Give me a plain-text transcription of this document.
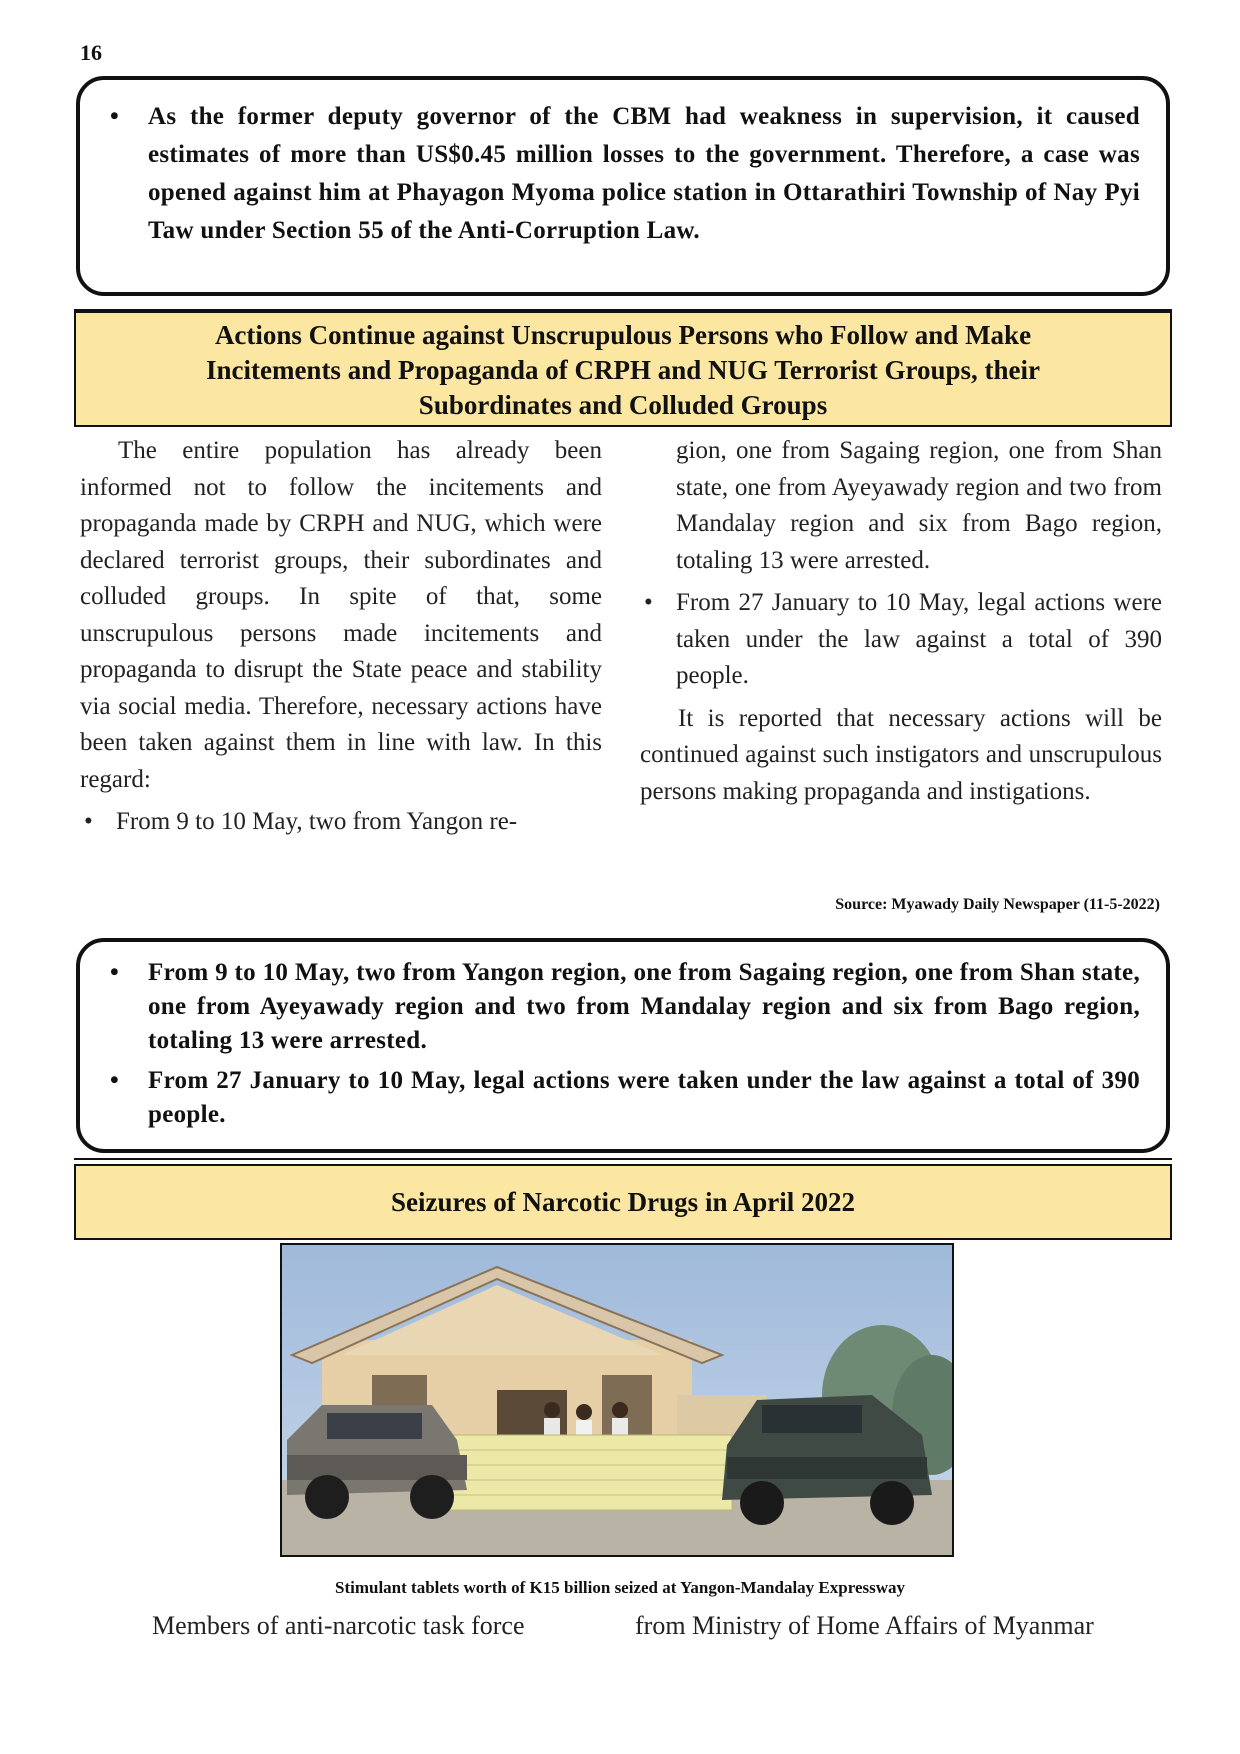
16
• As the former deputy governor of the CBM had weakness in supervision, it caused estimates of more than US$0.45 million losses to the government. Therefore, a case was opened against him at Phayagon Myoma police station in Ottarathiri Township of Nay Pyi Taw under Section 55 of the Anti-Corruption Law.
Actions Continue against Unscrupulous Persons who Follow and Make
Incitements and Propaganda of CRPH and NUG Terrorist Groups, their
Subordinates and Colluded Groups

The entire population has already been informed not to follow the incitements and propaganda made by CRPH and NUG, which were declared terrorist groups, their subordinates and colluded groups. In spite of that, some unscrupulous persons made incitements and propaganda to disrupt the State peace and stability via social media. Therefore, necessary actions have been taken against them in line with law. In this regard:

• From 9 to 10 May, two from Yangon re-

gion, one from Sagaing region, one from Shan state, one from Ayeyawady region and two from Mandalay region and six from Bago region, totaling 13 were arrested.

• From 27 January to 10 May, legal actions were taken under the law against a total of 390 people.

It is reported that necessary actions will be continued against such instigators and unscrupulous persons making propaganda and instigations.

Source: Myawady Daily Newspaper (11-5-2022)
• From 9 to 10 May, two from Yangon region, one from Sagaing region, one from Shan state, one from Ayeyawady region and two from Mandalay region and six from Bago region, totaling 13 were arrested.
• From 27 January to 10 May, legal actions were taken under the law against a total of 390 people.
Seizures of Narcotic Drugs in April 2022
Stimulant tablets worth of K15 billion seized at Yangon-Mandalay Expressway
Members of anti-narcotic task force	from Ministry of Home Affairs of Myanmar
